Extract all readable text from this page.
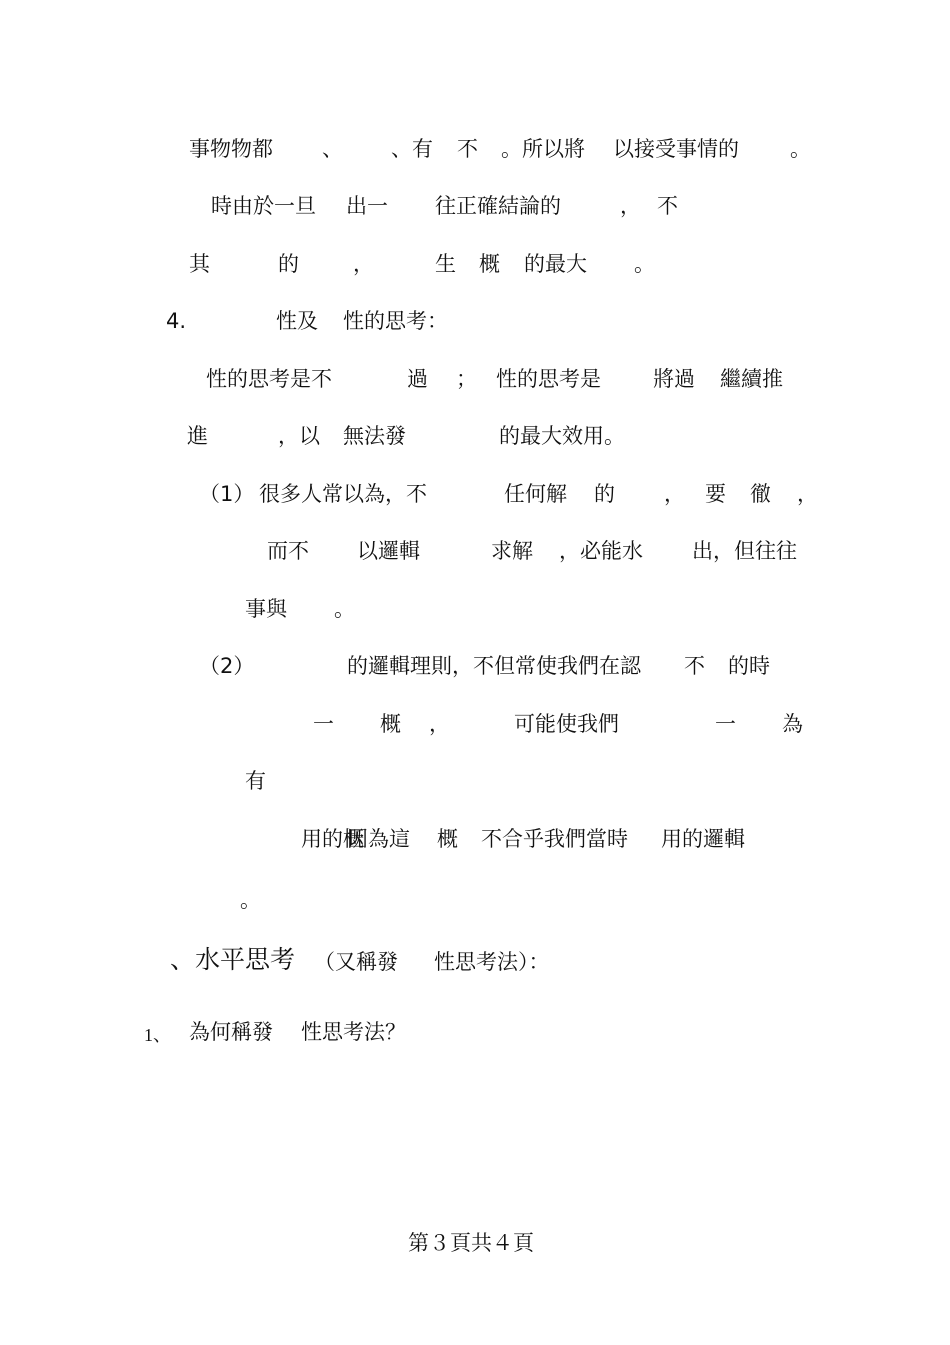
事物物都 、 、有 不 。所以將 以接受事情的 。
時由於一旦 出一 往正確結論的	， 不
其	的	，	生 概 的最大 。
4.	性及 性的思考：
性的思考是不	過 ； 性的思考是 將過 繼續推
進	，以 無法發	的最大效用。
（1） 很多人常以為，不	任何解 的 ， 要 徹 ，
而不 以邏輯	求解 ，必能水 出，但往往
事與 。
（2）	的邏輯理則，不但常使我們在認 不 的時
一 概 ，	可能使我們	一 為
有
用的概
因為這 概 不合乎我們當時 用的邏輯
。
、水平思考 （又稱發 性思考法）：
1、 為何稱發 性思考法？
第３頁共４頁
